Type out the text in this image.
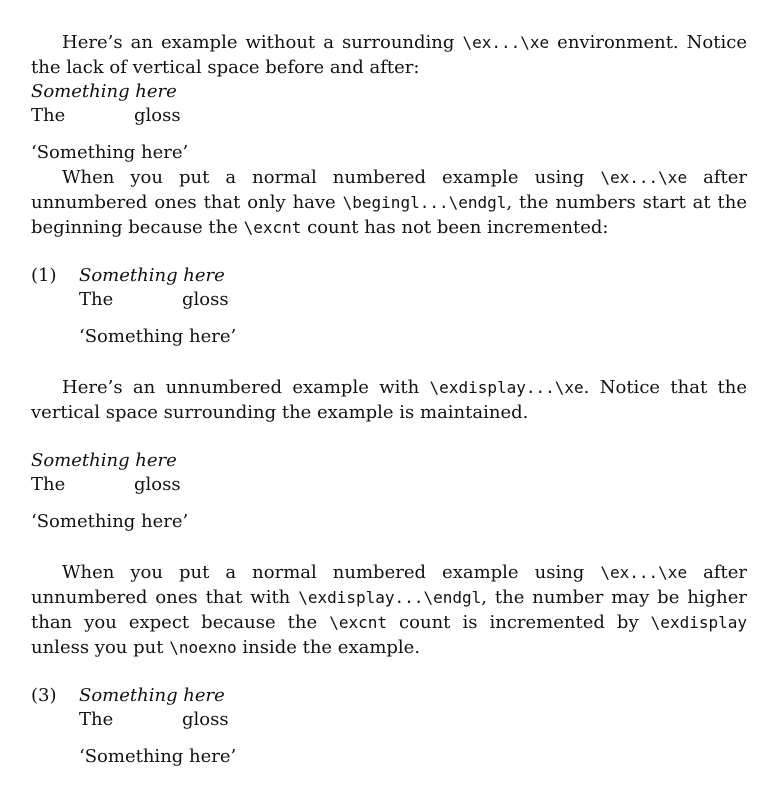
Here’s an example without a surrounding \ex...\xe environment. Notice the lack of vertical space before and after:

Something here
The	gloss
‘Something here’

When you put a normal numbered example using \ex...\xe after unnumbered ones that only have \begingl...\endgl, the numbers start at the beginning because the \excnt count has not been incremented:

(1) Something here
The	gloss
‘Something here’

Here’s an unnumbered example with \exdisplay...\xe. Notice that the vertical space surrounding the example is maintained.

Something here
The	gloss
‘Something here’

When you put a normal numbered example using \ex...\xe after unnumbered ones that with \exdisplay...\endgl, the number may be higher than you expect because the \excnt count is incremented by \exdisplay unless you put \noexno inside the example.

(3) Something here
The	gloss
‘Something here’
